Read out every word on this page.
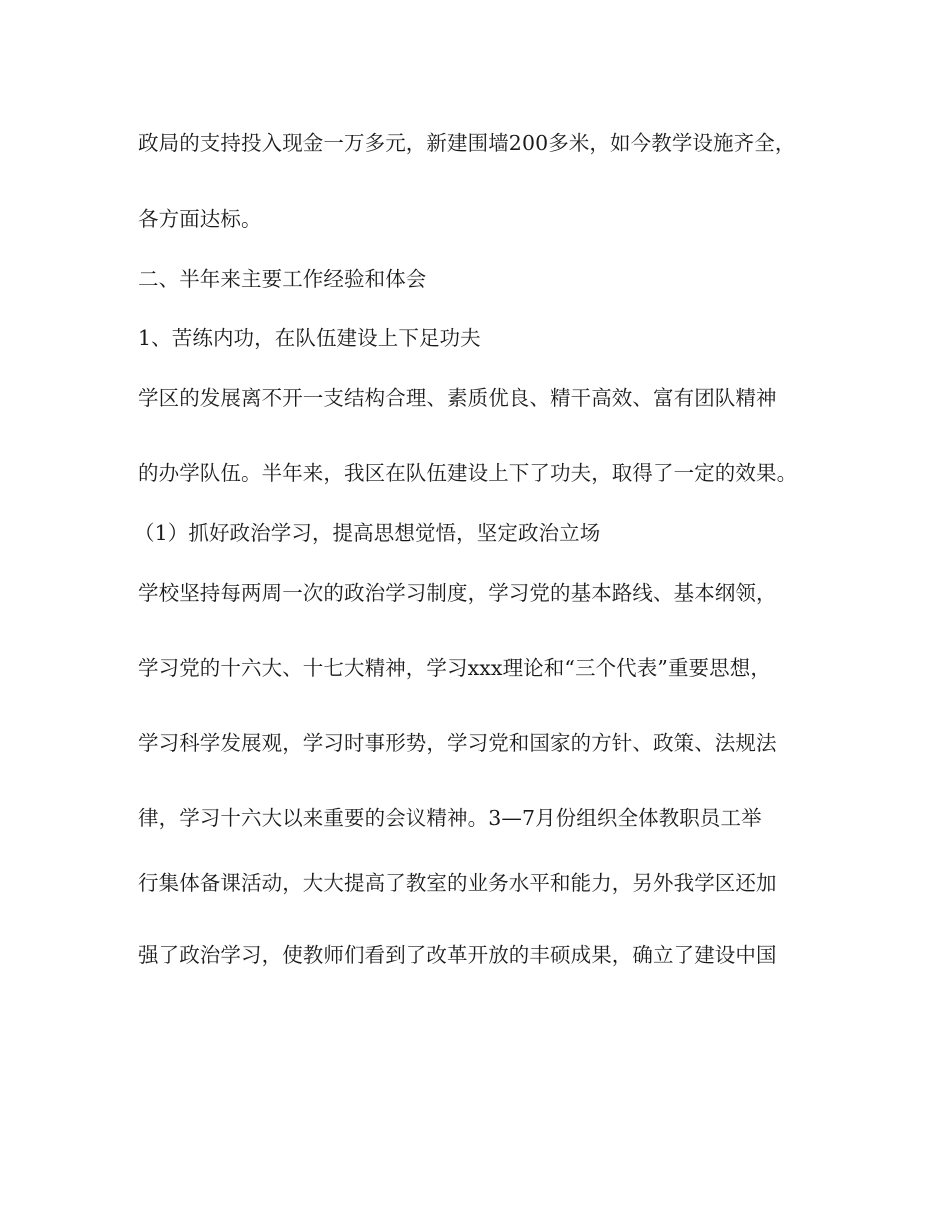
政局的支持投入现金一万多元，新建围墙200多米，如今教学设施齐全，

各方面达标。

二、半年来主要工作经验和体会

1、苦练内功，在队伍建设上下足功夫

学区的发展离不开一支结构合理、素质优良、精干高效、富有团队精神

的办学队伍。半年来，我区在队伍建设上下了功夫，取得了一定的效果。

（1）抓好政治学习，提高思想觉悟，坚定政治立场

学校坚持每两周一次的政治学习制度，学习党的基本路线、基本纲领，

学习党的十六大、十七大精神，学习xxx理论和“三个代表”重要思想，

学习科学发展观，学习时事形势，学习党和国家的方针、政策、法规法

律，学习十六大以来重要的会议精神。3—7月份组织全体教职员工举

行集体备课活动，大大提高了教室的业务水平和能力，另外我学区还加

强了政治学习，使教师们看到了改革开放的丰硕成果，确立了建设中国
